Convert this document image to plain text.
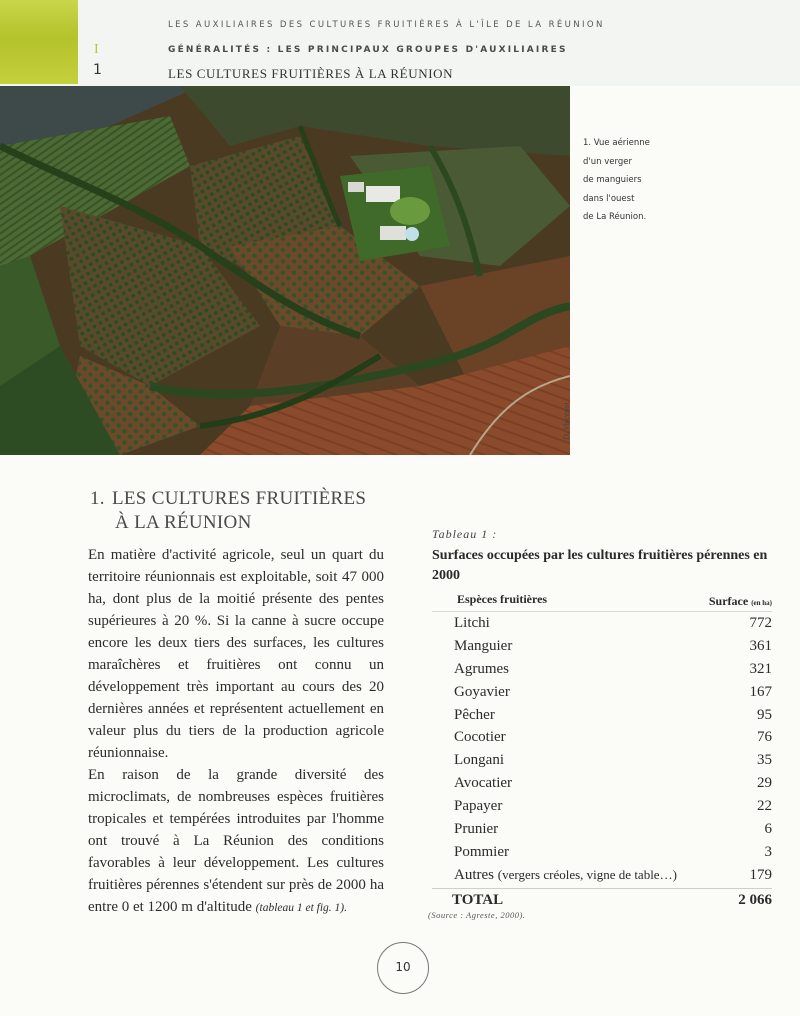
LES AUXILIAIRES DES CULTURES FRUITIÈRES À L'ÎLE DE LA RÉUNION
GÉNÉRALITÉS : LES PRINCIPAUX GROUPES D'AUXILIAIRES
LES CULTURES FRUITIÈRES À LA RÉUNION
I
1
D. Vincenot
1. Vue aérienne
d'un verger
de manguiers
dans l'ouest
de La Réunion.
1. LES CULTURES FRUITIÈRES
À LA RÉUNION

En matière d'activité agricole, seul un quart du territoire réunionnais est exploitable, soit 47 000 ha, dont plus de la moitié présente des pentes supérieures à 20 %. Si la canne à sucre occupe encore les deux tiers des surfaces, les cultures maraîchères et fruitières ont connu un développement très important au cours des 20 dernières années et représentent actuellement en valeur plus du tiers de la production agricole réunionnaise.

En raison de la grande diversité des microclimats, de nombreuses espèces fruitières tropicales et tempérées introduites par l'homme ont trouvé à La Réunion des conditions favorables à leur développement. Les cultures fruitières pérennes s'étendent sur près de 2000 ha entre 0 et 1200 m d'altitude (tableau 1 et fig. 1).

Tableau 1 :
Surfaces occupées par les cultures fruitières pérennes en 2000
Espèces fruitières	Surface (en ha)
Litchi	772
Manguier	361
Agrumes	321
Goyavier	167
Pêcher	95
Cocotier	76
Longani	35
Avocatier	29
Papayer	22
Prunier	6
Pommier	3
Autres (vergers créoles, vigne de table…)	179
TOTAL	2 066
(Source : Agreste, 2000).
10
